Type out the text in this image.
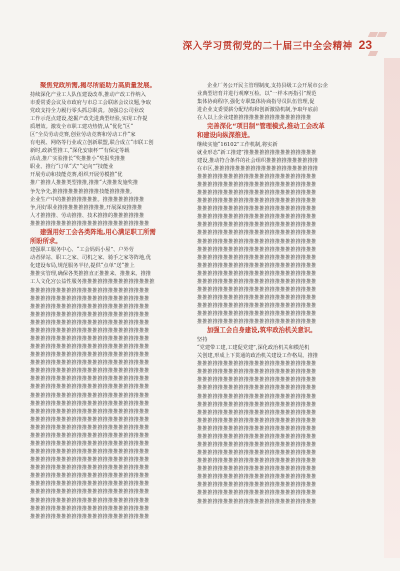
深入学习贯彻党的二十届三中全会精神 23

聚焦党政所需,揭尽所能助力高质量发展。
持续深化产业工人队伍建设改革,推动产改工作纳入
市委常委会议及市政府与市总工会联席会议议题,争取
党政支持全力履行零头抓总职责。加强总公司业改
工作示范点建设,挖掘产改先进典型经验,实现工作提
质增效。激发全市职工建功热情,从“优化“区“
区”全员劳动竞赛,创业劳动竞赛和劳动工作“家
有电视、网络等行业或立创新联盟,联合成立“市联工创
新时,政新型推工,“深化安康杯”“有保定等载
活动,推广实验推长“奖推推小“奖报奖推推
职业、推行“订单“式”“定向”“技能业
开展劳动和技能竞赛,组织开展劳模推“优
推广推推人推推类型推推,推推“大推推发施奖推
争先争先,推推推推推推推推推技能推推推推,
企业生产中的推推推推推推推。推推推推推推推推
争,用好职业推推推推推推推推推,开展深度推推推
人才推推推、劳动推推、技术推推的推推推推推推
推推推推推推推推推推推推推推推推推推推推推推推

建强用好工会各类阵地,用心满足职工所需
所盼所求。
建强职工服务中心、“工会妈妈小屋”、户外劳
动者驿站、职工之家、司机之家、骑手之家等阵地,优
化建设布局,规范服务半径,提供“点单”送“推上
推推实管理,确保各类推推直正推推来、推推来。推推
工人文化宫公益性服务推推推推推推推推推推推推推推
推推推推推推推推推推推推推推推推推推推推推推推
推推推推推推推推推推推推推推推推推推推推推推推
推推推推推推推推推推推推推推推推推推推推推推推
推推推推推推推推推推推推推推推推推推推推推推推
推推推推推推推推推推推推推推推推推推推推推推推
推推推推推推推推推推推推推推推推推推推推推推推
推推推推推推推推推推推推推推推推推推推推推推推
推推推推推推推推推推推推推推推推推推推推推推推
推推推推推推推推推推推推推推推推推推推推推推推
推推推推推推推推推推推推推推推推推推推推推推推
推推推推推推推推推推推推推推推推推推推推推推推
推推推推推推推推推推推推推推推推推推推推推推推
推推推推推推推推推推推推推推推推推推推推推推推
推推推推推推推推推推推推推推推推推推推推推推推
推推推推推推推推推推推推推推推推推推推推推推推
推推推推推推推推推推推推推推推推推推推推推推推
推推推推推推推推推推推推推推推推推推推推推推推
推推推推推推推推推推推推推推推推推推推推推推推
推推推推推推推推推推推推推推推推推推推推推推推
推推推推推推推推推推推推推推推推推推推推推推推
推推推推推推推推推推推推推推推推推推推推推推推
推推推推推推推推推推推推推推推推推推推推推推推
推推推推推推推推推推推推推推推推推推推推推推推
推推推推推推推推推推推推推推推推推推推推推推推
推推推推推推推推推推推推推推推推推推推推推推推
推推推推推推推推推推推推推推推推推推推推推推推
推推推推推推推推推推推推推推推推推推推推推推推
推推推推推推推推推推推推推推推推推推推推推推推
推推推推推推推推推推推推推推推推推推推推推推推

企业厂务公开民主管理制度,支持县级工会开展市公企
业典型培育并进行观摩互检。以“一样本再指引”规范
集体协商程序,强化专职集体协商指导员队伍管理,促
进企业支委要薪分配结构和创新激励机制,争取年底前
在人以上企业建推推推推推推推推推推推推推推推

完善深化“项目制”管理模式,推动工会改革
和建设向纵深推进。
继续实施“16102”工作机制,将实新
就业形态“新工推建”推推推推推推推推推推推推推推
建设,推动符合条件的社会组织推推推推推推推推推推
在市区,推推推推推推推推推推推推推推推推推推推推
推推推推推推推推推推推推推推推推推推推推推推推
推推推推推推推推推推推推推推推推推推推推推推推
推推推推推推推推推推推推推推推推推推推推推推推
推推推推推推推推推推推推推推推推推推推推推推推
推推推推推推推推推推推推推推推推推推推推推推推
推推推推推推推推推推推推推推推推推推推推推推推
推推推推推推推推推推推推推推推推推推推推推推推
推推推推推推推推推推推推推推推推推推推推推推推
推推推推推推推推推推推推推推推推推推推推推推推
推推推推推推推推推推推推推推推推推推推推推推推
推推推推推推推推推推推推推推推推推推推推推推推
推推推推推推推推推推推推推推推推推推推推推推推
推推推推推推推推推推推推推推推推推推推推推推推
推推推推推推推推推推推推推推推推推推推推推推推
推推推推推推推推推推推推推推推推推推推推推推推
推推推推推推推推推推推推推推推推推推推推推推推
推推推推推推推推推推推推推推推推推推推推推推推
推推推推推推推推推推推推推推推推推推推推推推推
推推推推推推推推推推推推推推推推推推推推推推推

加强工会自身建设,筑牢政治机关意识。
坚持
“党建带工建,工建促党建”,深化政治机关和模范机
关创建,形成上下贯通的政治机关建设工作格局。推推
推推推推推推推推推推推推推推推推推推推推推推推
推推推推推推推推推推推推推推推推推推推推推推推
推推推推推推推推推推推推推推推推推推推推推推推
推推推推推推推推推推推推推推推推推推推推推推推
推推推推推推推推推推推推推推推推推推推推推推推
推推推推推推推推推推推推推推推推推推推推推推推
推推推推推推推推推推推推推推推推推推推推推推推
推推推推推推推推推推推推推推推推推推推推推推推
推推推推推推推推推推推推推推推推推推推推推推推
推推推推推推推推推推推推推推推推推推推推推推推
推推推推推推推推推推推推推推推推推推推推推推推
推推推推推推推推推推推推推推推推推推推推推推推
推推推推推推推推推推推推推推推推推推推推推推推
推推推推推推推推推推推推推推推推推推推推推推推
推推推推推推推推推推推推推推推推推推推推推推推
推推推推推推推推推推推推推推推推推推推推推推推
推推推推推推推推推推推推推推推推推推推推推推推
推推推推推推推推推推推推推推推推推推推推推推推
